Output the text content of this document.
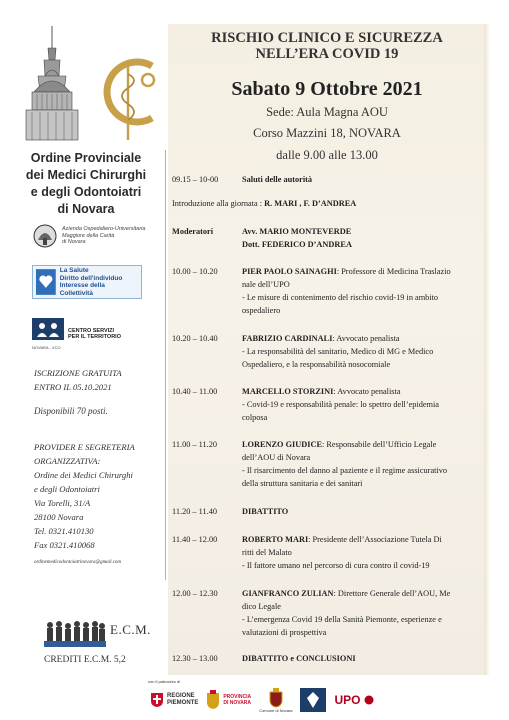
Ordine Provinciale
dei Medici Chirurghi
e degli Odontoiatri
di Novara
Azienda Ospedaliero-Universitaria
Maggiore della Carità
di Novara
La Salute
Diritto dell'individuo
Interesse della Collettività
NOVARA - VCO
CENTRO SERVIZI
PER IL TERRITORIO
ISCRIZIONE GRATUITA
ENTRO IL 05.10.2021
Disponibili 70 posti.
PROVIDER E SEGRETERIA
ORGANIZZATIVA:
Ordine dei Medici Chirurghi
e degli Odontoiatri
Via Torelli, 31/A
28100 Novara
Tel. 0321.410130
Fax 0321.410068
ordinemedicodontoiatrinovara@gmail.com
E.C.M.
CREDITI E.C.M. 5,2
RISCHIO CLINICO E SICUREZZA
NELL’ERA COVID 19
Sabato 9 Ottobre 2021
Sede: Aula Magna AOU
Corso Mazzini 18, NOVARA
dalle 9.00 alle 13.00
09.15 – 10-00	Saluti delle autorità
Introduzione alla giornata : R. MARI , F. D’ANDREA
Moderatori	Avv. MARIO MONTEVERDE
Dott. FEDERICO D’ANDREA
10.00 – 10.20	PIER PAOLO SAINAGHI: Professore di Medicina Traslazio
nale dell’UPO
- Le misure di contenimento del rischio covid-19 in ambito
ospedaliero
10.20 – 10.40	FABRIZIO CARDINALI: Avvocato penalista
- La responsabilità del sanitario, Medico di MG e Medico
Ospedaliero, e la responsabilità nosocomiale
10.40 – 11.00	MARCELLO STORZINI: Avvocato penalista
- Covid-19 e responsabilità penale: lo spettro dell’epidemia
colposa
11.00 – 11.20	LORENZO GIUDICE: Responsabile dell’Ufficio Legale
dell’AOU di Novara
- Il risarcimento del danno al paziente e il regime assicurativo
della struttura sanitaria e dei sanitari
11.20 – 11.40	DIBATTITO
11.40 – 12.00	ROBERTO MARI: Presidente dell’Associazione Tutela Di
ritti del Malato
- Il fattore umano nel percorso di cura contro il covid-19
12.00 – 12.30	GIANFRANCO ZULIAN: Direttore Generale dell’AOU, Me
dico Legale
- L’emergenza Covid 19 della Sanità Piemonte, esperienze e
valutazioni di prospettiva
12.30 – 13.00	DIBATTITO e CONCLUSIONI
con il patrocinio di
REGIONE
PIEMONTE
PROVINCIA
DI NOVARA
Comune di Novara
UPO
